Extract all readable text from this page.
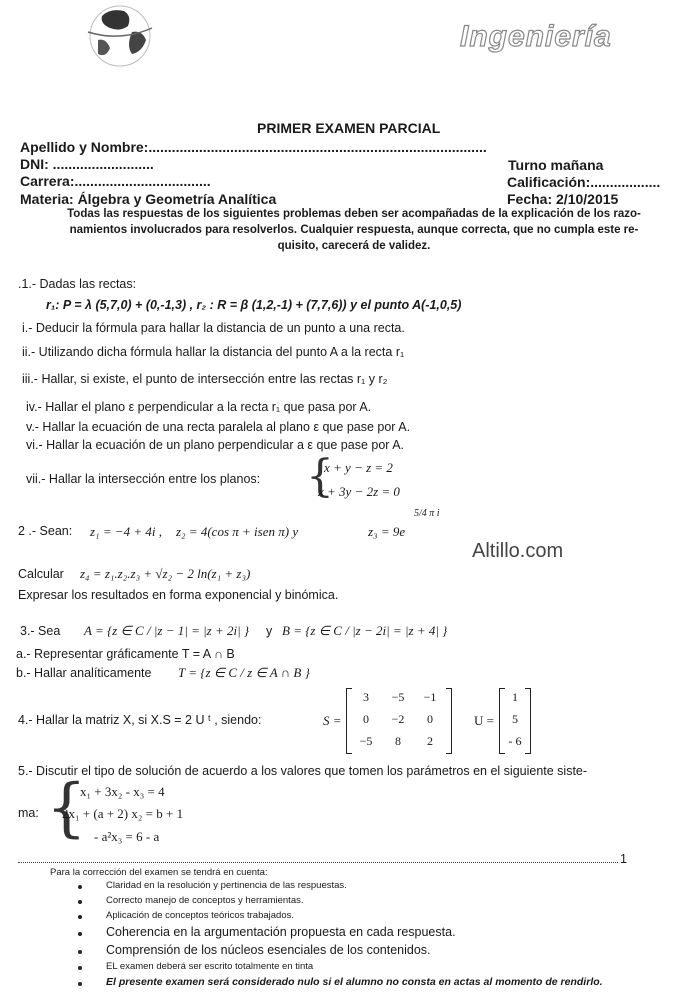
Ingeniería
PRIMER EXAMEN PARCIAL
Apellido y Nombre:.......................................................................................
DNI: ..........................	Turno mañana
Carrera:...................................	Calificación:..................
Materia: Álgebra y Geometría Analítica	Fecha: 2/10/2015
Todas las respuestas de los siguientes problemas deben ser acompañadas de la explicación de los razo-
namientos involucrados para resolverlos. Cualquier respuesta, aunque correcta, que no cumpla este re-
quisito, carecerá de validez.
.1.- Dadas las rectas:
r₁: P = λ (5,7,0) + (0,-1,3) , r₂ : R = β (1,2,-1) + (7,7,6)) y el punto A(-1,0,5)
i.- Deducir la fórmula para hallar la distancia de un punto a una recta.
ii.- Utilizando dicha fórmula hallar la distancia del punto A a la recta r₁
iii.- Hallar, si existe, el punto de intersección entre las rectas r₁ y r₂
iv.- Hallar el plano ε perpendicular a la recta r₁ que pasa por A.
v.- Hallar la ecuación de una recta paralela al plano ε que pase por A.
vi.- Hallar la ecuación de un plano perpendicular a ε que pase por A.
vii.- Hallar la intersección entre los planos: {
x + y − z = 2
x + 3y − 2z = 0
2 .- Sean: z₁ = −4 + 4i , z₂ = 4(cos π + isen π) y	z₃ = 9e
5/4 π i
Altillo.com
Calcular z₄ = z₁.z₂.z₃ + √z₂ − 2 ln(z₁ + z₃)
Expresar los resultados en forma exponencial y binómica.
3.- Sea A = {z ∈ C / |z − 1| = |z + 2i| } y B = {z ∈ C / |z − 2i| = |z + 4| }
a.- Representar gráficamente T = A ∩ B
b.- Hallar analíticamente T = {z ∈ C / z ∈ A ∩ B }
4.- Hallar la matriz X, si X.S = 2 U ᵗ , siendo:	S =
3	−5	−1
0	−2	0
−5	8	2
U =
1
5
- 6
5.- Discutir el tipo de solución de acuerdo a los valores que tomen los parámetros en el siguiente siste-
ma: {
x₁ + 3x₂ - x₃ = 4
2x₁ + (a + 2) x₂ = b + 1
- a²x₃ = 6 - a
1
Para la corrección del examen se tendrá en cuenta:
Claridad en la resolución y pertinencia de las respuestas.
Correcto manejo de conceptos y herramientas.
Aplicación de conceptos teóricos trabajados.
Coherencia en la argumentación propuesta en cada respuesta.
Comprensión de los núcleos esenciales de los contenidos.
EL examen deberá ser escrito totalmente en tinta
El presente examen será considerado nulo si el alumno no consta en actas al momento de rendirlo.
